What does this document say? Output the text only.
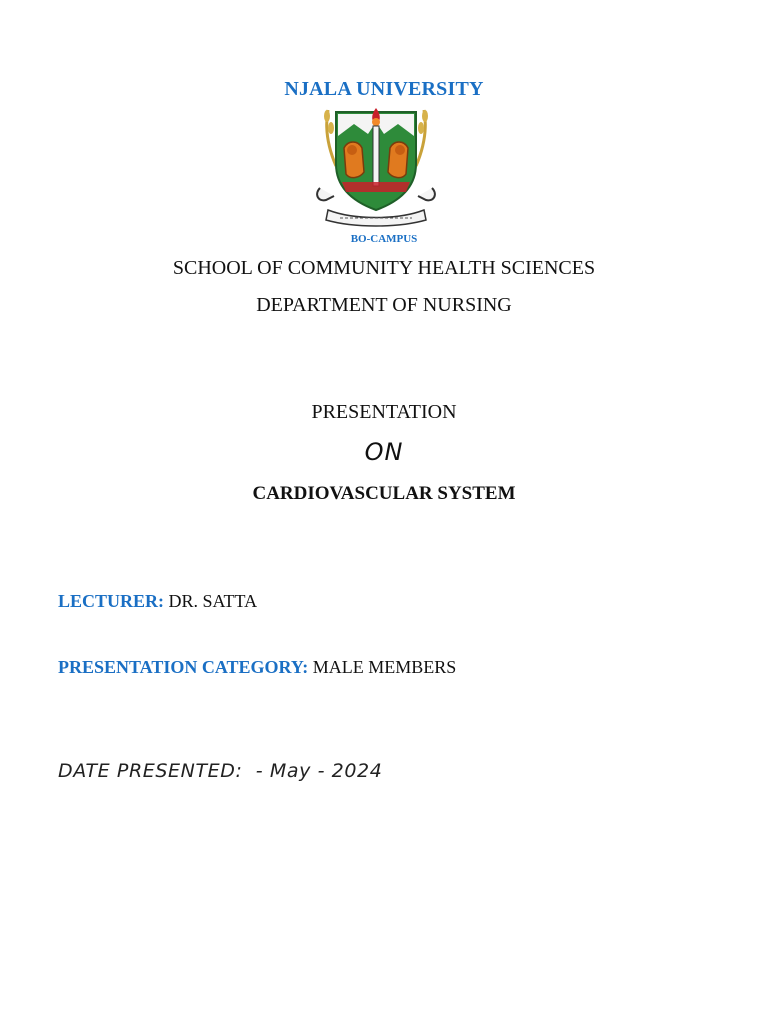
NJALA UNIVERSITY
BO-CAMPUS
SCHOOL OF COMMUNITY HEALTH SCIENCES
DEPARTMENT OF NURSING
PRESENTATION
ON
CARDIOVASCULAR SYSTEM
LECTURER: DR. SATTA
PRESENTATION CATEGORY: MALE MEMBERS
DATE PRESENTED: - May - 2024
